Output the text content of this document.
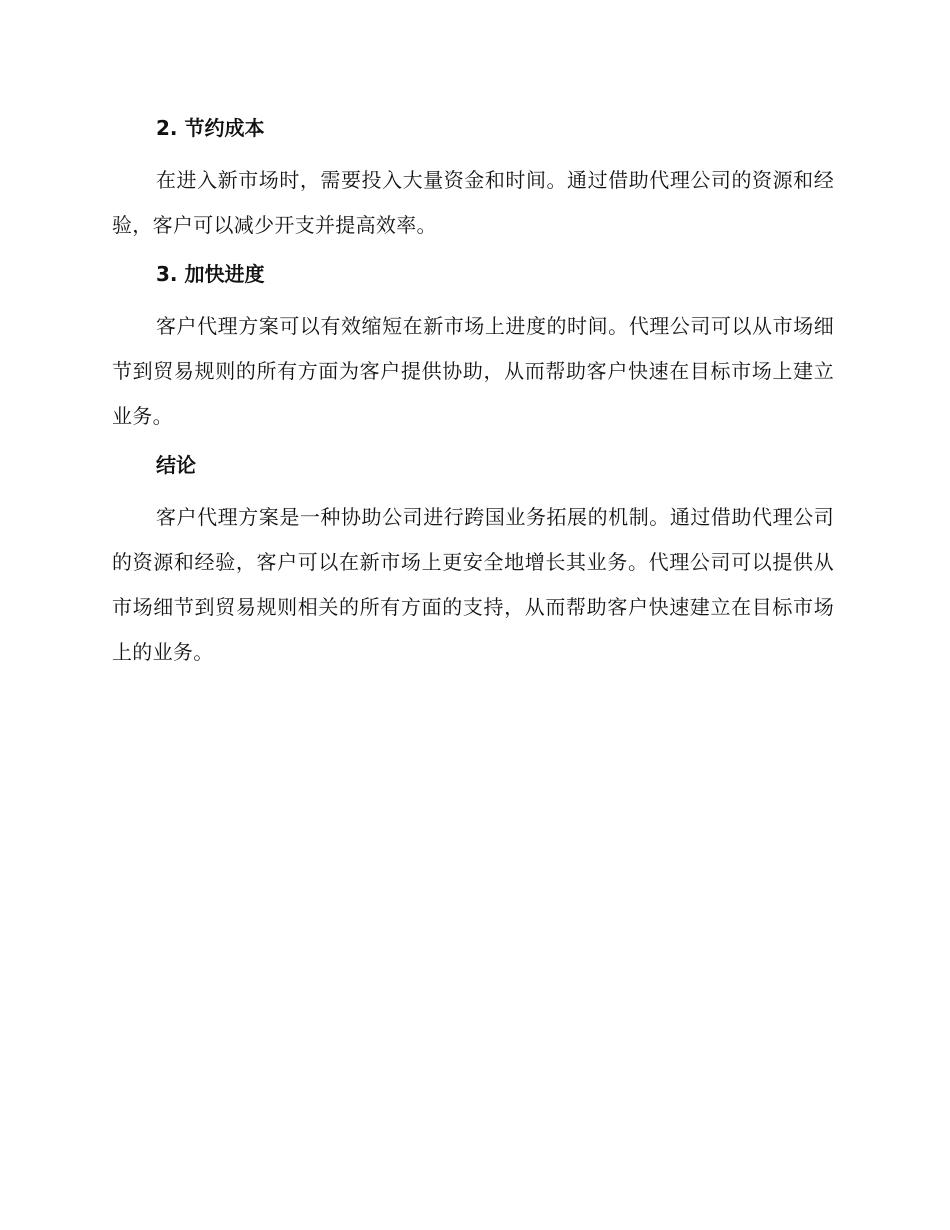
2. 节约成本

在进入新市场时，需要投入大量资金和时间。通过借助代理公司的资源和经验，客户可以减少开支并提高效率。

3. 加快进度

客户代理方案可以有效缩短在新市场上进度的时间。代理公司可以从市场细节到贸易规则的所有方面为客户提供协助，从而帮助客户快速在目标市场上建立业务。

结论

客户代理方案是一种协助公司进行跨国业务拓展的机制。通过借助代理公司的资源和经验，客户可以在新市场上更安全地增长其业务。代理公司可以提供从市场细节到贸易规则相关的所有方面的支持，从而帮助客户快速建立在目标市场上的业务。
